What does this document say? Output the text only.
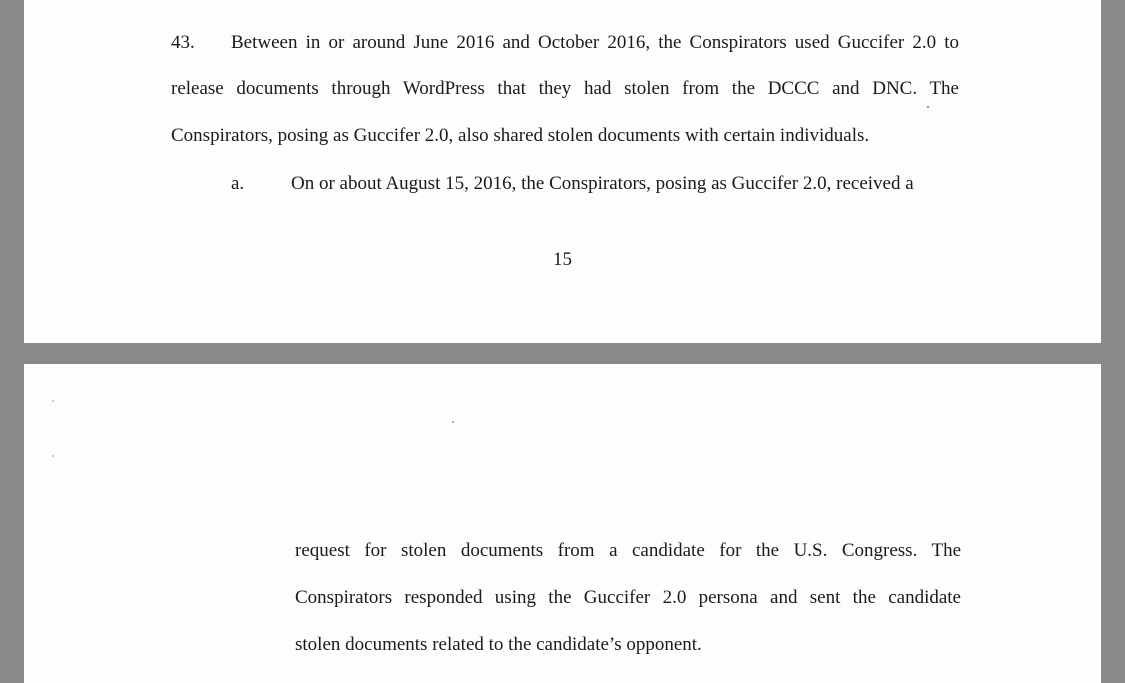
43. Between in or around June 2016 and October 2016, the Conspirators used Guccifer 2.0 to
release documents through WordPress that they had stolen from the DCCC and DNC. The
Conspirators, posing as Guccifer 2.0, also shared stolen documents with certain individuals.
a. On or about August 15, 2016, the Conspirators, posing as Guccifer 2.0, received a
15
request for stolen documents from a candidate for the U.S. Congress. The
Conspirators responded using the Guccifer 2.0 persona and sent the candidate
stolen documents related to the candidate’s opponent.
